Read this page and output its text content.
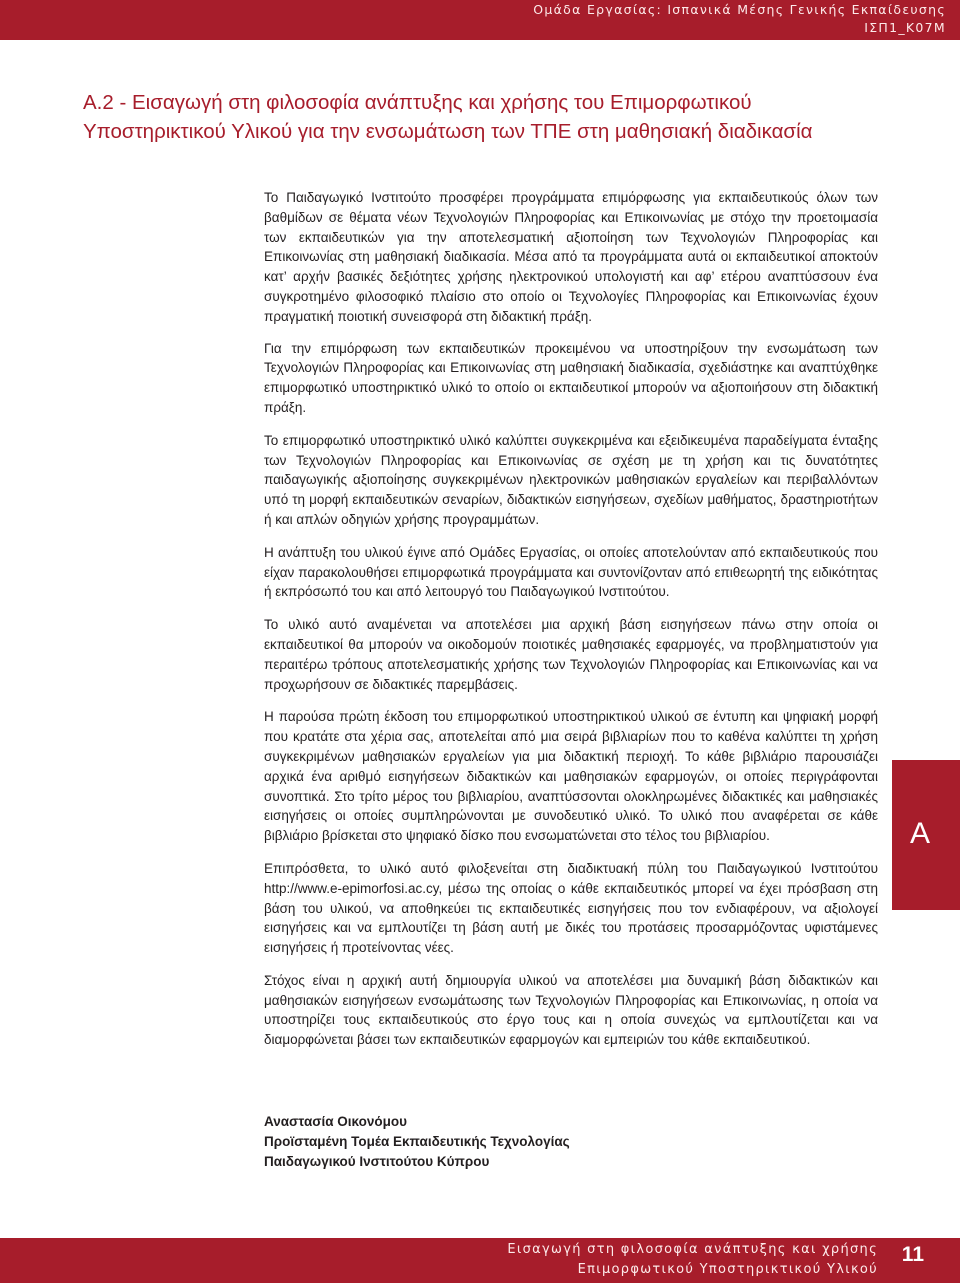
Ομάδα Εργασίας: Ισπανικά Μέσης Γενικής Εκπαίδευσης
ΙΣΠ1_Κ07Μ
Α.2 - Εισαγωγή στη φιλοσοφία ανάπτυξης και χρήσης του Επιμορφωτικού
Υποστηρικτικού Υλικού για την ενσωμάτωση των ΤΠΕ στη μαθησιακή διαδικασία

Το Παιδαγωγικό Ινστιτούτο προσφέρει προγράμματα επιμόρφωσης για εκπαιδευτικούς όλων των βαθμίδων σε θέματα νέων Τεχνολογιών Πληροφορίας και Επικοινωνίας με στόχο την προετοιμασία των εκπαιδευτικών για την αποτελεσματική αξιοποίηση των Τεχνολογιών Πληροφορίας και Επικοινωνίας στη μαθησιακή διαδικασία. Μέσα από τα προγράμματα αυτά οι εκπαιδευτικοί αποκτούν κατ’ αρχήν βασικές δεξιότητες χρήσης ηλεκτρονικού υπολογιστή και αφ’ ετέρου αναπτύσσουν ένα συγκροτημένο φιλοσοφικό πλαίσιο στο οποίο οι Τεχνολογίες Πληροφορίας και Επικοινωνίας έχουν πραγματική ποιοτική συνεισφορά στη διδακτική πράξη.

Για την επιμόρφωση των εκπαιδευτικών προκειμένου να υποστηρίξουν την ενσωμάτωση των Τεχνολογιών Πληροφορίας και Επικοινωνίας στη μαθησιακή διαδικασία, σχεδιάστηκε και αναπτύχθηκε επιμορφωτικό υποστηρικτικό υλικό το οποίο οι εκπαιδευτικοί μπορούν να αξιοποιήσουν στη διδακτική πράξη.

Το επιμορφωτικό υποστηρικτικό υλικό καλύπτει συγκεκριμένα και εξειδικευμένα παραδείγματα ένταξης των Τεχνολογιών Πληροφορίας και Επικοινωνίας σε σχέση με τη χρήση και τις δυνατότητες παιδαγωγικής αξιοποίησης συγκεκριμένων ηλεκτρονικών μαθησιακών εργαλείων και περιβαλλόντων υπό τη μορφή εκπαιδευτικών σεναρίων, διδακτικών εισηγήσεων, σχεδίων μαθήματος, δραστηριοτήτων ή και απλών οδηγιών χρήσης προγραμμάτων.

Η ανάπτυξη του υλικού έγινε από Ομάδες Εργασίας, οι οποίες αποτελούνταν από εκπαιδευτικούς που είχαν παρακολουθήσει επιμορφωτικά προγράμματα και συντονίζονταν από επιθεωρητή της ειδικότητας ή εκπρόσωπό του και από λειτουργό του Παιδαγωγικού Ινστιτούτου.

Το υλικό αυτό αναμένεται να αποτελέσει μια αρχική βάση εισηγήσεων πάνω στην οποία οι εκπαιδευτικοί θα μπορούν να οικοδομούν ποιοτικές μαθησιακές εφαρμογές, να προβληματιστούν για περαιτέρω τρόπους αποτελεσματικής χρήσης των Τεχνολογιών Πληροφορίας και Επικοινωνίας και να προχωρήσουν σε διδακτικές παρεμβάσεις.

Η παρούσα πρώτη έκδοση του επιμορφωτικού υποστηρικτικού υλικού σε έντυπη και ψηφιακή μορφή που κρατάτε στα χέρια σας, αποτελείται από μια σειρά βιβλιαρίων που το καθένα καλύπτει τη χρήση συγκεκριμένων μαθησιακών εργαλείων για μια διδακτική περιοχή. Το κάθε βιβλιάριο παρουσιάζει αρχικά ένα αριθμό εισηγήσεων διδακτικών και μαθησιακών εφαρμογών, οι οποίες περιγράφονται συνοπτικά. Στο τρίτο μέρος του βιβλιαρίου, αναπτύσσονται ολοκληρωμένες διδακτικές και μαθησιακές εισηγήσεις οι οποίες συμπληρώνονται με συνοδευτικό υλικό. Το υλικό που αναφέρεται σε κάθε βιβλιάριο βρίσκεται στο ψηφιακό δίσκο που ενσωματώνεται στο τέλος του βιβλιαρίου.

Επιπρόσθετα, το υλικό αυτό φιλοξενείται στη διαδικτυακή πύλη του Παιδαγωγικού Ινστιτούτου http://www.e-epimorfosi.ac.cy, μέσω της οποίας ο κάθε εκπαιδευτικός μπορεί να έχει πρόσβαση στη βάση του υλικού, να αποθηκεύει τις εκπαιδευτικές εισηγήσεις που τον ενδιαφέρουν, να αξιολογεί εισηγήσεις και να εμπλουτίζει τη βάση αυτή με δικές του προτάσεις προσαρμόζοντας υφιστάμενες εισηγήσεις ή προτείνοντας νέες.

Στόχος είναι η αρχική αυτή δημιουργία υλικού να αποτελέσει μια δυναμική βάση διδακτικών και μαθησιακών εισηγήσεων ενσωμάτωσης των Τεχνολογιών Πληροφορίας και Επικοινωνίας, η οποία να υποστηρίζει τους εκπαιδευτικούς στο έργο τους και η οποία συνεχώς να εμπλουτίζεται και να διαμορφώνεται βάσει των εκπαιδευτικών εφαρμογών και εμπειριών του κάθε εκπαιδευτικού.

Αναστασία Οικονόμου
Προϊσταμένη Τομέα Εκπαιδευτικής Τεχνολογίας
Παιδαγωγικού Ινστιτούτου Κύπρου
Α
Εισαγωγή στη φιλοσοφία ανάπτυξης και χρήσης
Επιμορφωτικού Υποστηρικτικού Υλικού
11
